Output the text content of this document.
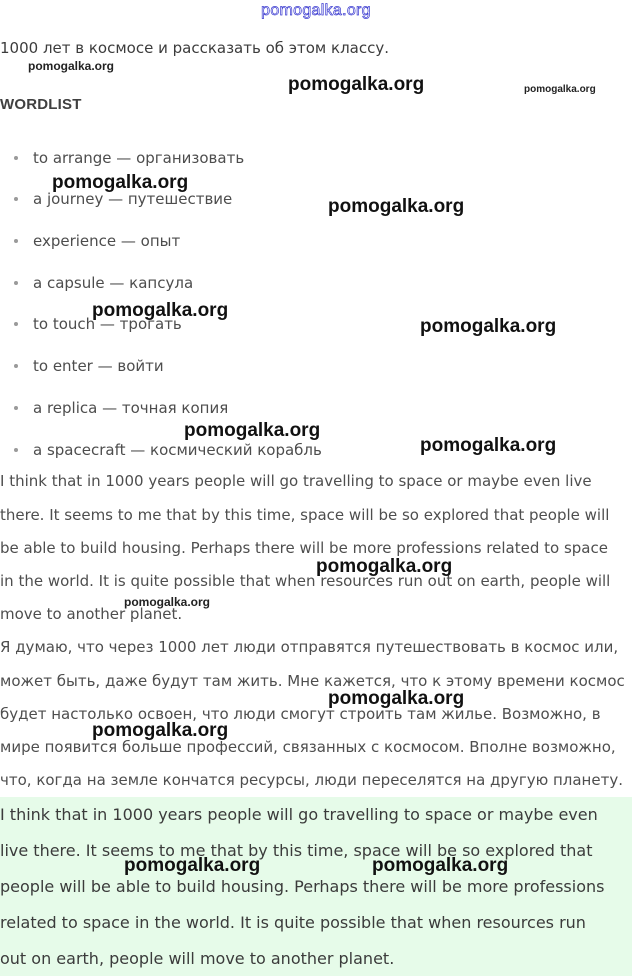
pomogalka.org
1000 лет в космосе и рассказать об этом классу.
WORDLIST
to arrange — организовать
a journey — путешествие
experience — опыт
a capsule — капсула
to touch — трогать
to enter — войти
a replica — точная копия
a spacecraft — космический корабль
I think that in 1000 years people will go travelling to space or maybe even live
there. It seems to me that by this time, space will be so explored that people will
be able to build housing. Perhaps there will be more professions related to space
in the world. It is quite possible that when resources run out on earth, people will
move to another planet.
Я думаю, что через 1000 лет люди отправятся путешествовать в космос или,
может быть, даже будут там жить. Мне кажется, что к этому времени космос
будет настолько освоен, что люди смогут строить там жилье. Возможно, в
мире появится больше профессий, связанных с космосом. Вполне возможно,
что, когда на земле кончатся ресурсы, люди переселятся на другую планету.
I think that in 1000 years people will go travelling to space or maybe even
live there. It seems to me that by this time, space will be so explored that
people will be able to build housing. Perhaps there will be more professions
related to space in the world. It is quite possible that when resources run
out on earth, people will move to another planet.
pomogalka.org
pomogalka.org	pomogalka.org
pomogalka.org
pomogalka.org
pomogalka.org
pomogalka.org
pomogalka.org
pomogalka.org
pomogalka.org
pomogalka.org
pomogalka.org
pomogalka.org
pomogalka.org	pomogalka.org
